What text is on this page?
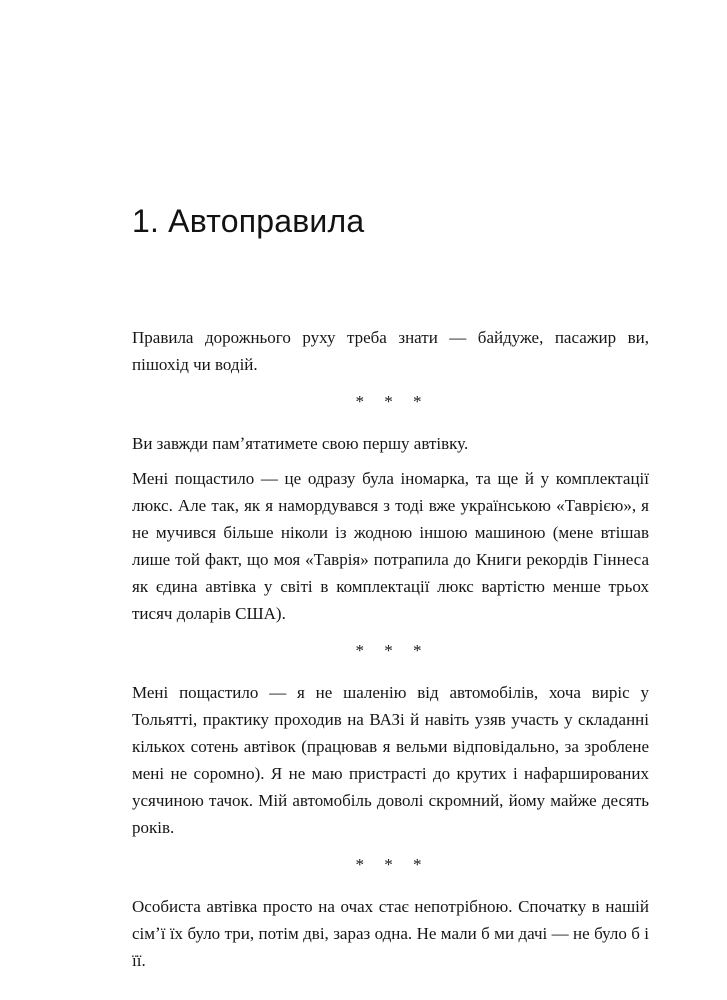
1. Автоправила

Правила дорожнього руху треба знати — байдуже, пасажир ви, пішохід чи водій.

* * *

Ви завжди памʼятатимете свою першу автівку.

Мені пощастило — це одразу була іномарка, та ще й у комплектації люкс. Але так, як я намордувався з тоді вже українською «Таврією», я не мучився більше ніколи із жодною іншою машиною (мене втішав лише той факт, що моя «Таврія» потрапила до Книги рекордів Гіннеса як єдина автівка у світі в комплектації люкс вартістю менше трьох тисяч доларів США).

* * *

Мені пощастило — я не шаленію від автомобілів, хоча виріс у Тольятті, практику проходив на ВАЗі й навіть узяв участь у складанні кількох сотень автівок (працював я вельми відповідально, за зроблене мені не соромно). Я не маю пристрасті до крутих і нафаршированих усячиною тачок. Мій автомобіль доволі скромний, йому майже десять років.

* * *

Особиста автівка просто на очах стає непотрібною. Спочатку в нашій сімʼї їх було три, потім дві, зараз одна. Не мали б ми дачі — не було б і її.
